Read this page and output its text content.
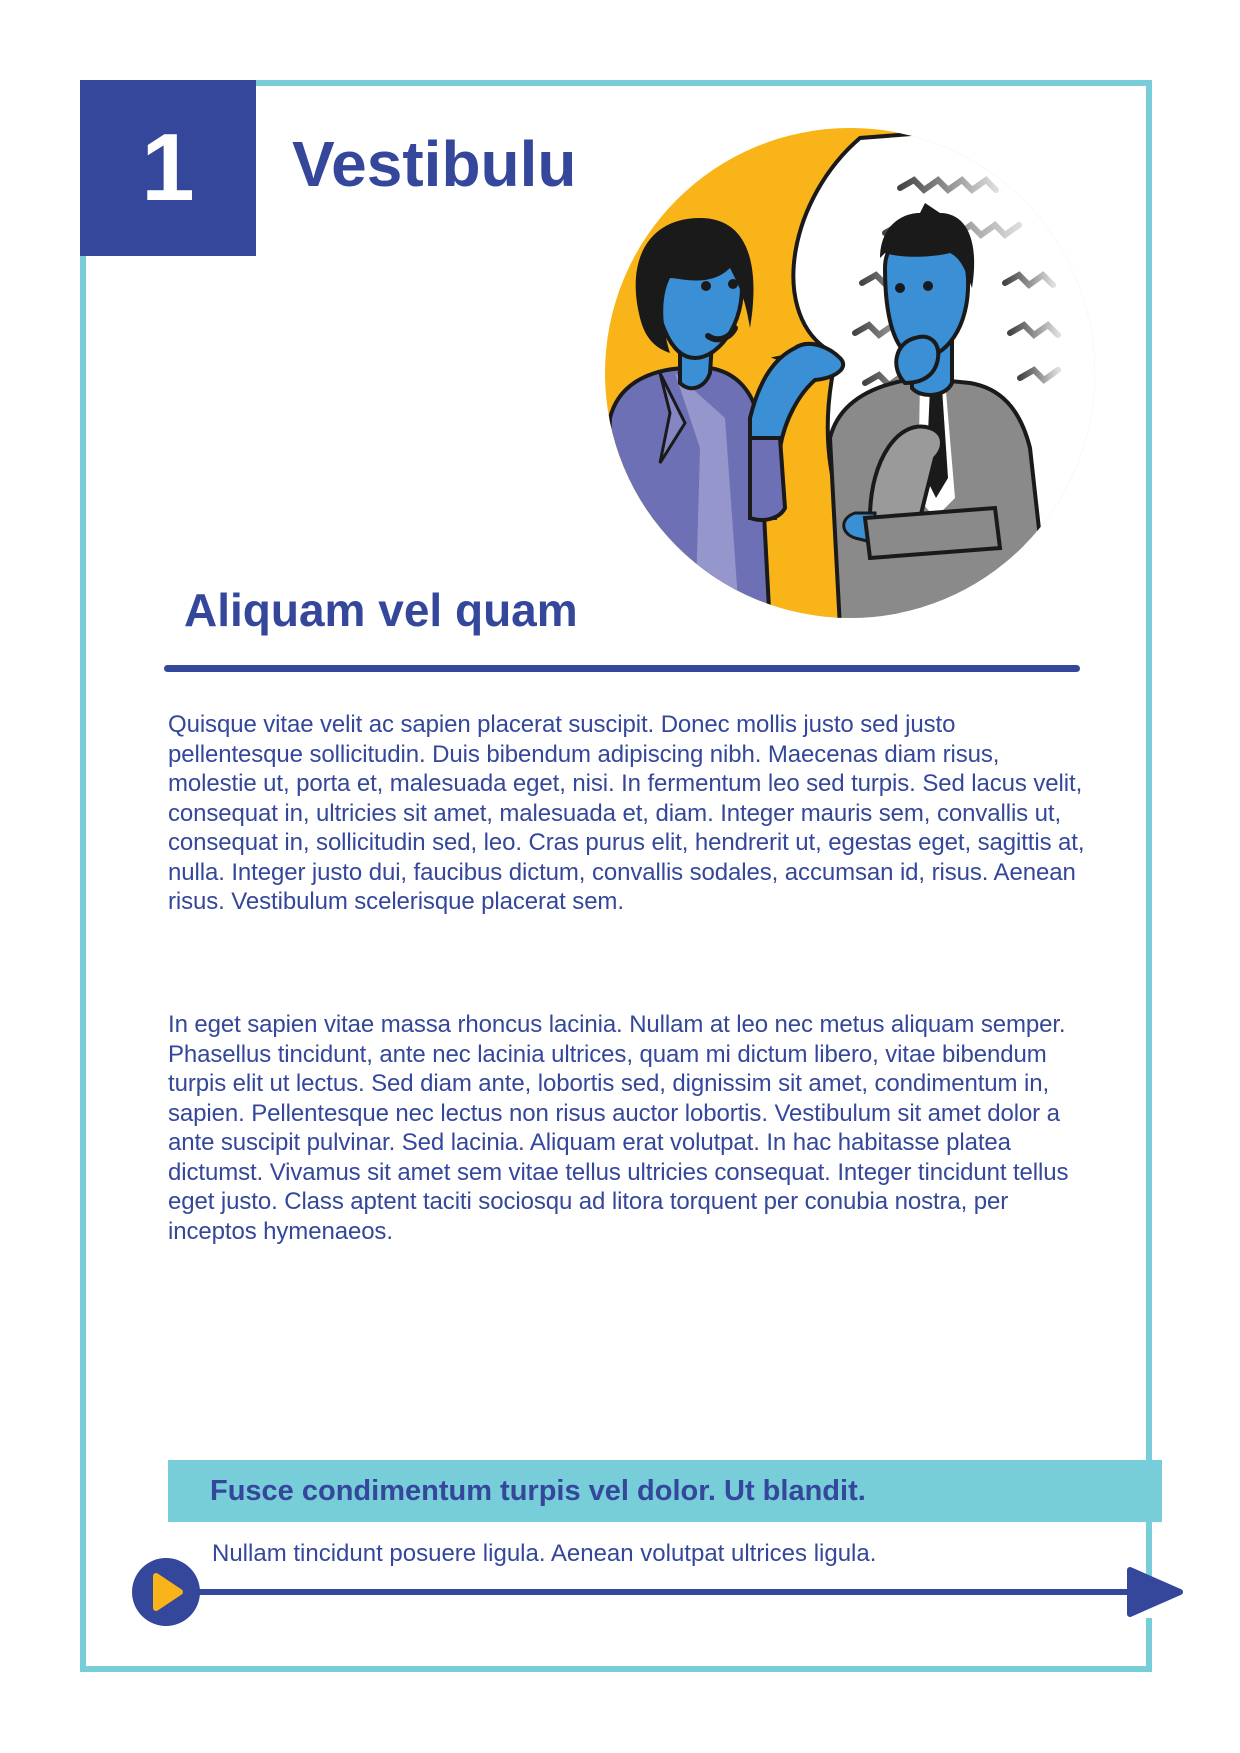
1 Vestibulu
Aliquam vel quam

Quisque vitae velit ac sapien placerat suscipit. Donec mollis justo sed justo pellentesque sollicitudin. Duis bibendum adipiscing nibh. Maecenas diam risus, molestie ut, porta et, malesuada eget, nisi. In fermentum leo sed turpis. Sed lacus velit, consequat in, ultricies sit amet, malesuada et, diam. Integer mauris sem, convallis ut, consequat in, sollicitudin sed, leo. Cras purus elit, hendrerit ut, egestas eget, sagittis at, nulla. Integer justo dui, faucibus dictum, convallis sodales, accumsan id, risus. Aenean risus. Vestibulum scelerisque placerat sem.

In eget sapien vitae massa rhoncus lacinia. Nullam at leo nec metus aliquam semper. Phasellus tincidunt, ante nec lacinia ultrices, quam mi dictum libero, vitae bibendum turpis elit ut lectus. Sed diam ante, lobortis sed, dignissim sit amet, condimentum in, sapien. Pellentesque nec lectus non risus auctor lobortis. Vestibulum sit amet dolor a ante suscipit pulvinar. Sed lacinia. Aliquam erat volutpat. In hac habitasse platea dictumst. Vivamus sit amet sem vitae tellus ultricies consequat. Integer tincidunt tellus eget justo. Class aptent taciti sociosqu ad litora torquent per conubia nostra, per inceptos hymenaeos.

Fusce condimentum turpis vel dolor. Ut blandit.

Nullam tincidunt posuere ligula. Aenean volutpat ultrices ligula.
